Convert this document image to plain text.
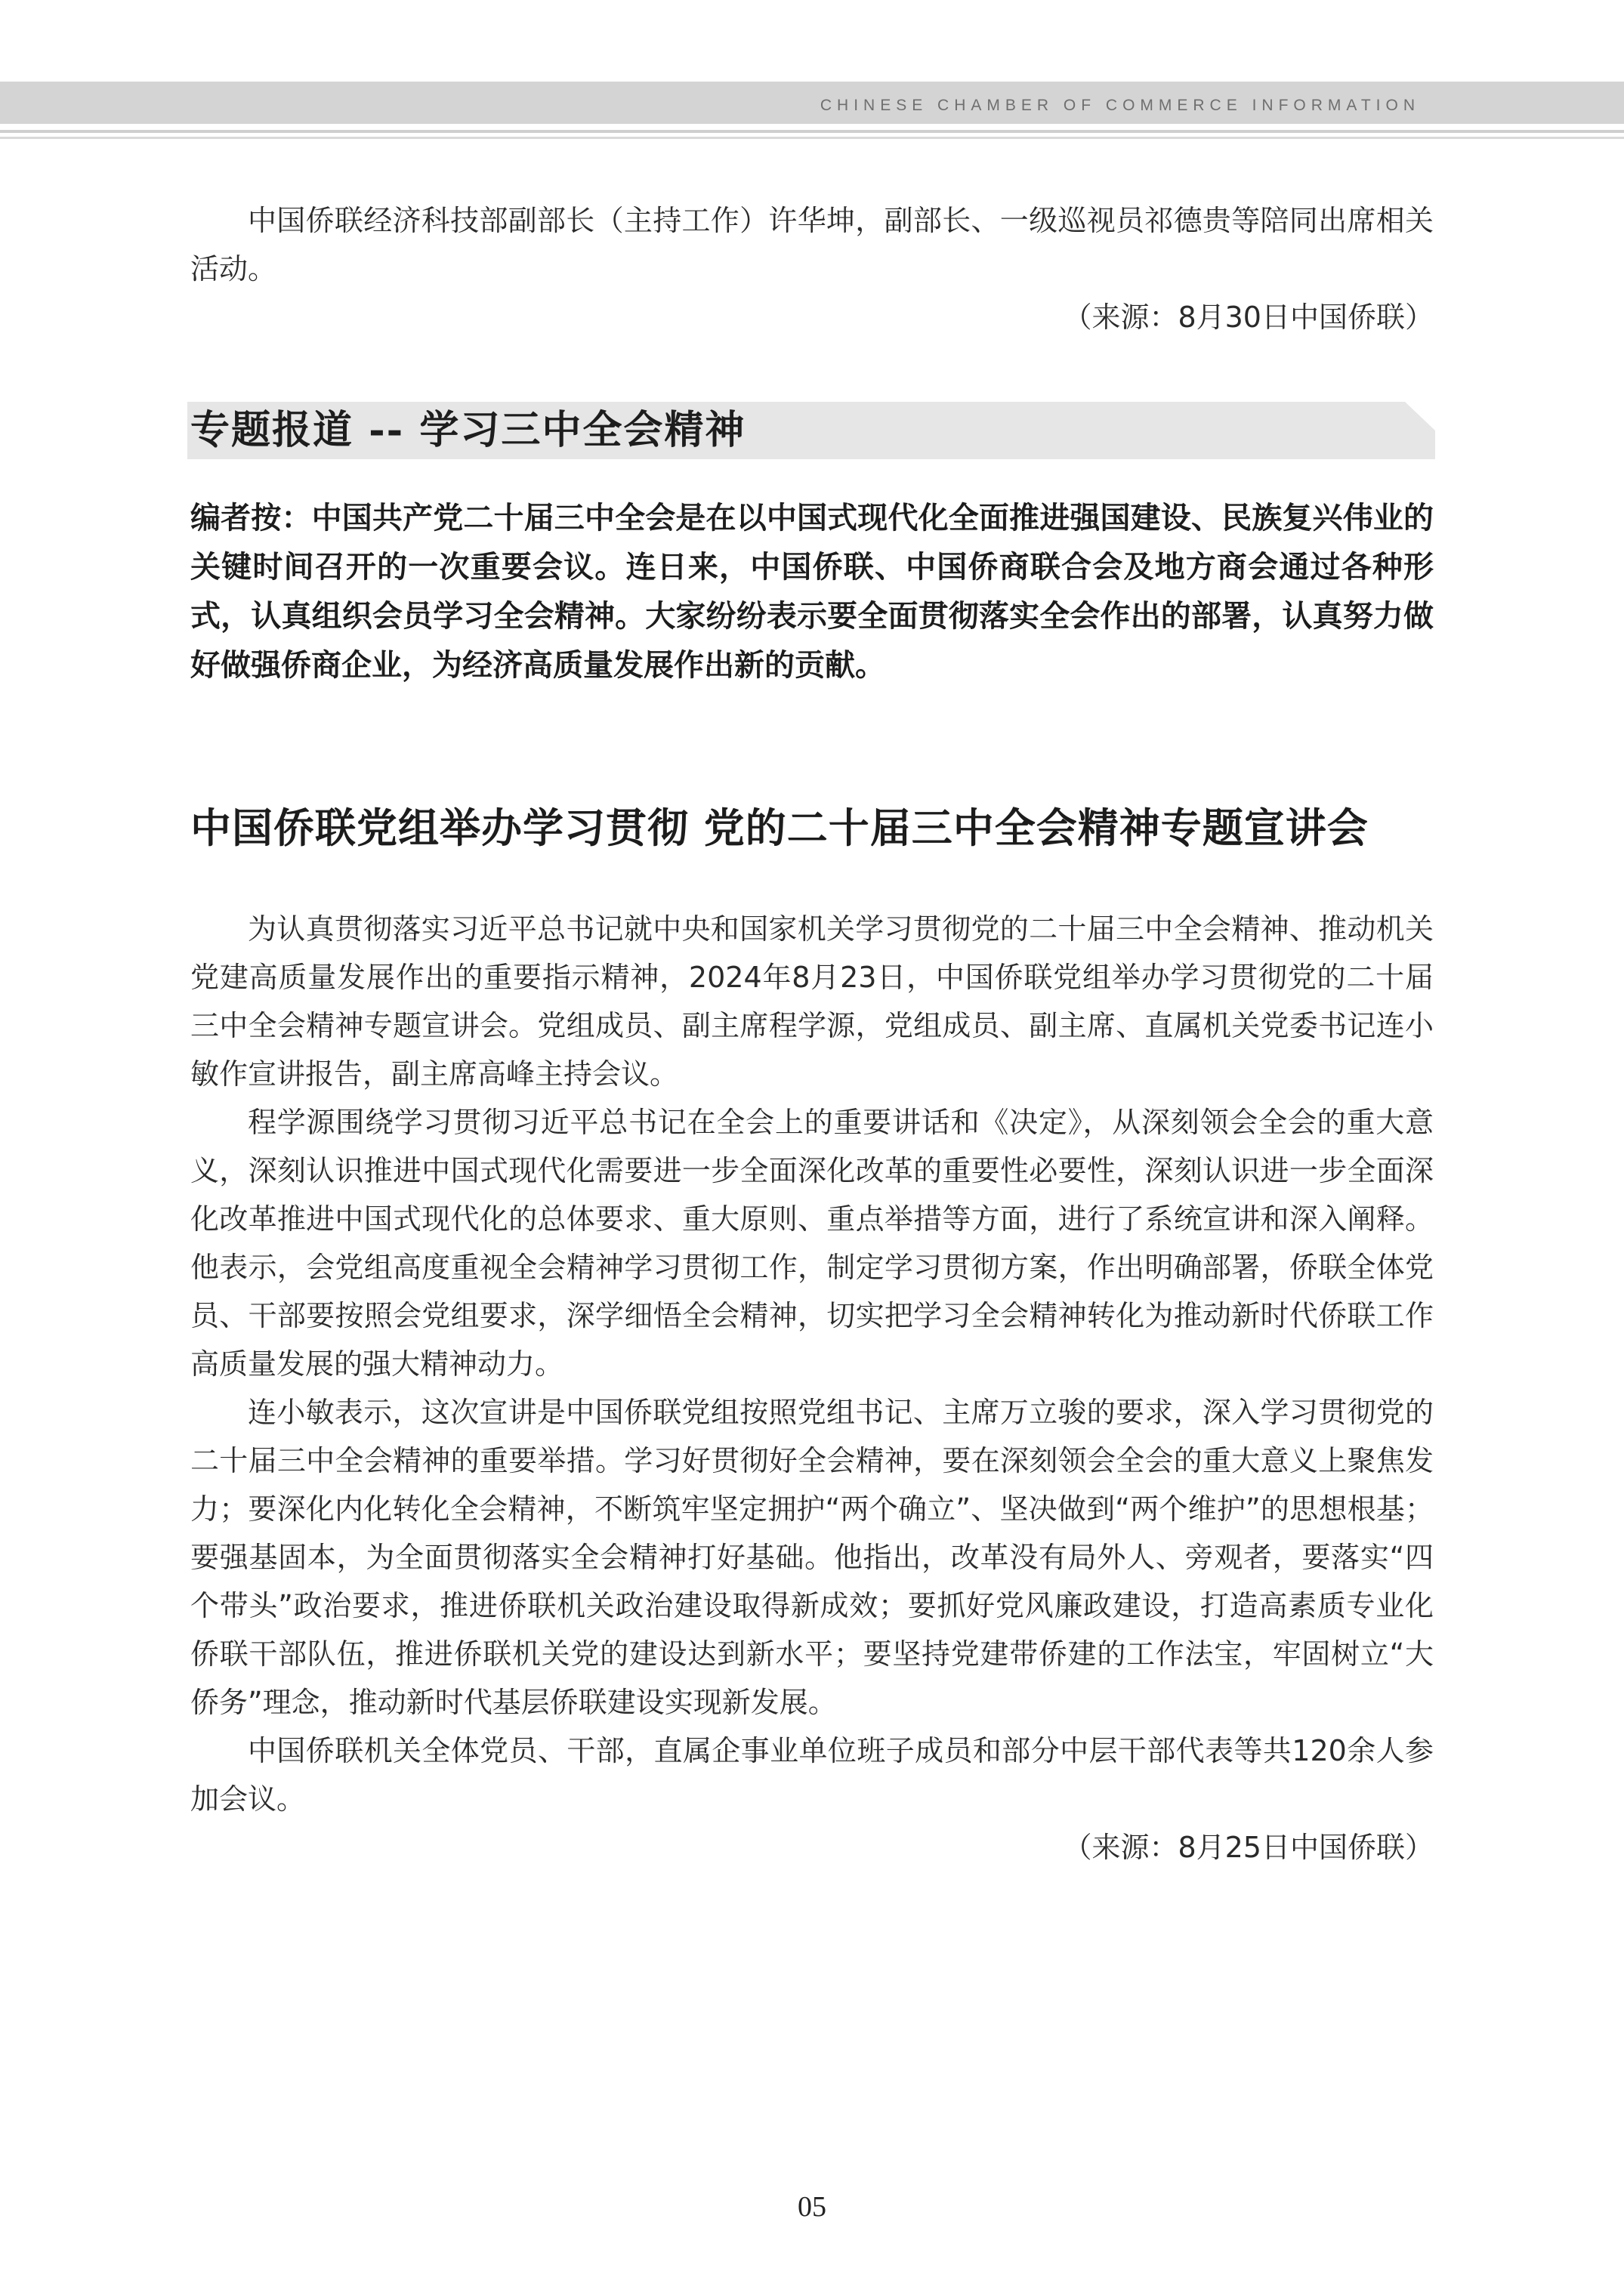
CHINESE CHAMBER OF COMMERCE INFORMATION

中国侨联经济科技部副部长（主持工作）许华坤，副部长、一级巡视员祁德贵等陪同出席相关活动。

（来源：8月30日中国侨联）

专题报道 -- 学习三中全会精神

编者按：中国共产党二十届三中全会是在以中国式现代化全面推进强国建设、民族复兴伟业的关键时间召开的一次重要会议。连日来，中国侨联、中国侨商联合会及地方商会通过各种形式，认真组织会员学习全会精神。大家纷纷表示要全面贯彻落实全会作出的部署，认真努力做好做强侨商企业，为经济高质量发展作出新的贡献。

中国侨联党组举办学习贯彻 党的二十届三中全会精神专题宣讲会

为认真贯彻落实习近平总书记就中央和国家机关学习贯彻党的二十届三中全会精神、推动机关党建高质量发展作出的重要指示精神，2024年8月23日，中国侨联党组举办学习贯彻党的二十届三中全会精神专题宣讲会。党组成员、副主席程学源，党组成员、副主席、直属机关党委书记连小敏作宣讲报告，副主席高峰主持会议。

程学源围绕学习贯彻习近平总书记在全会上的重要讲话和《决定》，从深刻领会全会的重大意义，深刻认识推进中国式现代化需要进一步全面深化改革的重要性必要性，深刻认识进一步全面深化改革推进中国式现代化的总体要求、重大原则、重点举措等方面，进行了系统宣讲和深入阐释。他表示，会党组高度重视全会精神学习贯彻工作，制定学习贯彻方案，作出明确部署，侨联全体党员、干部要按照会党组要求，深学细悟全会精神，切实把学习全会精神转化为推动新时代侨联工作高质量发展的强大精神动力。

连小敏表示，这次宣讲是中国侨联党组按照党组书记、主席万立骏的要求，深入学习贯彻党的二十届三中全会精神的重要举措。学习好贯彻好全会精神，要在深刻领会全会的重大意义上聚焦发力；要深化内化转化全会精神，不断筑牢坚定拥护“两个确立”、坚决做到“两个维护”的思想根基；要强基固本，为全面贯彻落实全会精神打好基础。他指出，改革没有局外人、旁观者，要落实“四个带头”政治要求，推进侨联机关政治建设取得新成效；要抓好党风廉政建设，打造高素质专业化侨联干部队伍，推进侨联机关党的建设达到新水平；要坚持党建带侨建的工作法宝，牢固树立“大侨务”理念，推动新时代基层侨联建设实现新发展。

中国侨联机关全体党员、干部，直属企事业单位班子成员和部分中层干部代表等共120余人参加会议。

（来源：8月25日中国侨联）

05
